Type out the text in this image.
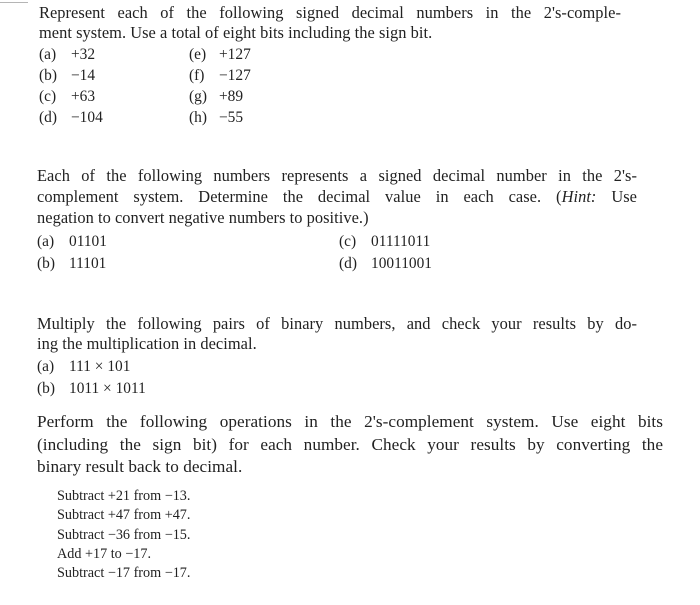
Represent each of the following signed decimal numbers in the 2's-comple-
ment system. Use a total of eight bits including the sign bit.
(a) +32
(b) −14
(c) +63
(d) −104
(e) +127
(f) −127
(g) +89
(h) −55
Each of the following numbers represents a signed decimal number in the 2's-
complement system. Determine the decimal value in each case. (Hint: Use
negation to convert negative numbers to positive.)
(a) 01101
(b) 11101
(c) 01111011
(d) 10011001
Multiply the following pairs of binary numbers, and check your results by do-
ing the multiplication in decimal.
(a) 111 × 101
(b) 1011 × 1011
Perform the following operations in the 2's-complement system. Use eight bits
(including the sign bit) for each number. Check your results by converting the
binary result back to decimal.
Subtract +21 from −13.
Subtract +47 from +47.
Subtract −36 from −15.
Add +17 to −17.
Subtract −17 from −17.
